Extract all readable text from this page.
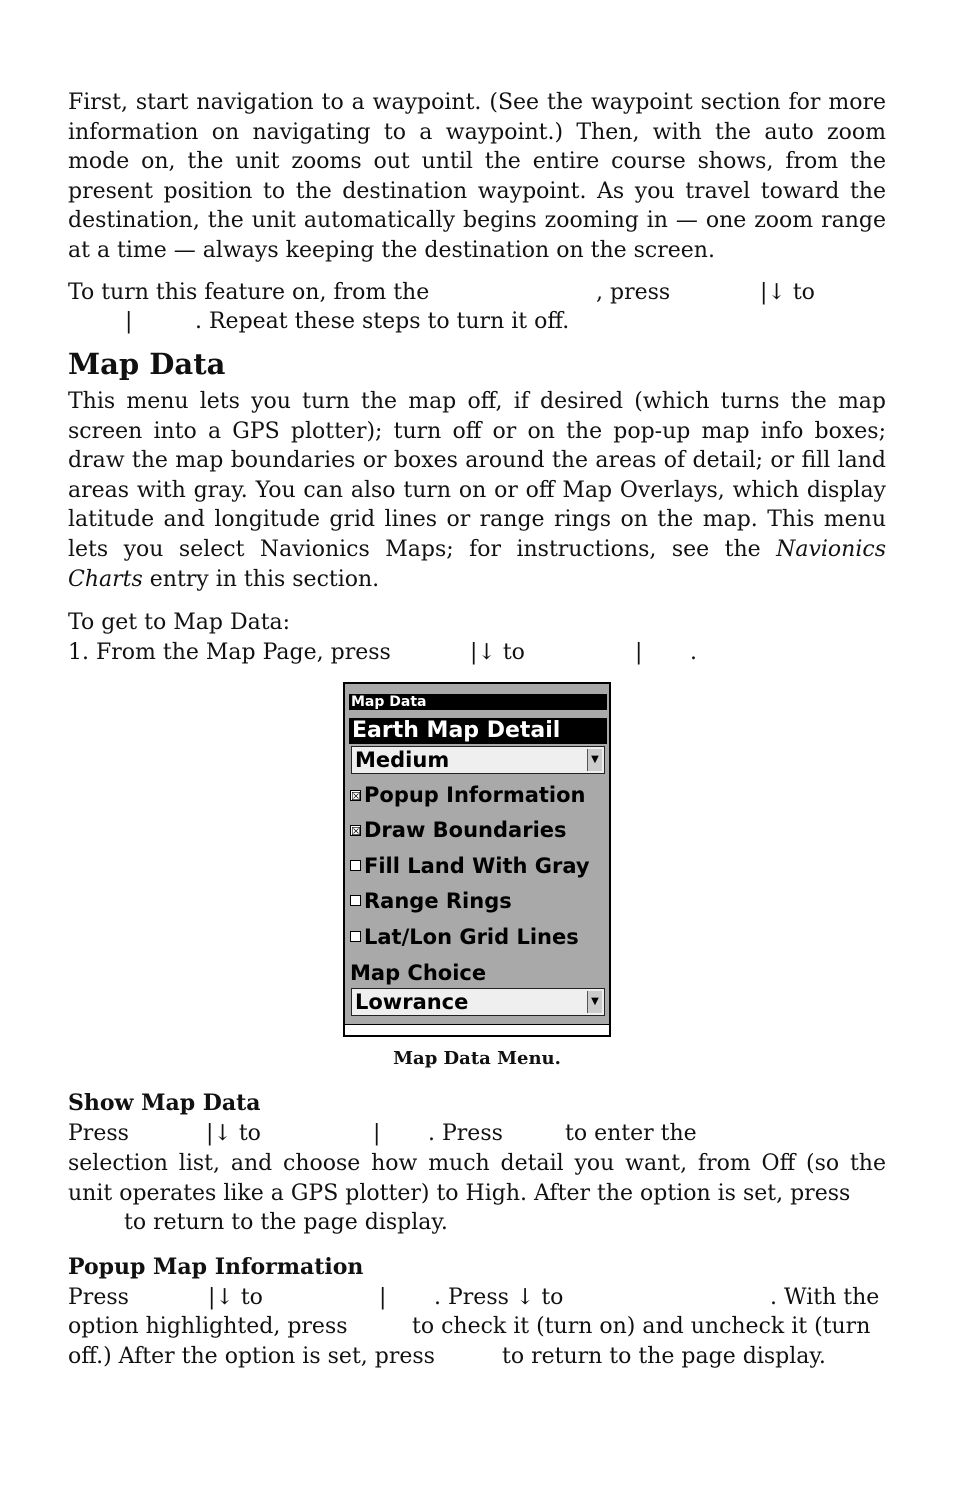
First, start navigation to a waypoint. (See the waypoint section for more information on navigating to a waypoint.) Then, with the auto zoom mode on, the unit zooms out until the entire course shows, from the present position to the destination waypoint. As you travel toward the destination, the unit automatically begins zooming in — one zoom range at a time — always keeping the destination on the screen.

To turn this feature on, from the	, press	|↓ to
|	. Repeat these steps to turn it off.

Map Data

This menu lets you turn the map off, if desired (which turns the map screen into a GPS plotter); turn off or on the pop-up map info boxes; draw the map boundaries or boxes around the areas of detail; or fill land areas with gray. You can also turn on or off Map Overlays, which display latitude and longitude grid lines or range rings on the map. This menu lets you select Navionics Maps; for instructions, see the Navionics Charts entry in this section.

To get to Map Data:
1. From the Map Page, press	|↓ to	| .
Map Data
Earth Map Detail
Medium	▼
☒ Popup Information
☒ Draw Boundaries
Fill Land With Gray
Range Rings
Lat/Lon Grid Lines
Map Choice
Lowrance	▼
Map Data Menu.
Show Map Data
Press	|↓ to	| . Press	to enter the

selection list, and choose how much detail you want, from Off (so the unit operates like a GPS plotter) to High. After the option is set, press

to return to the page display.
Popup Map Information
Press	|↓ to	| . Press ↓ to	. With the
option highlighted, press	to check it (turn on) and uncheck it (turn
off.) After the option is set, press	to return to the page display.
